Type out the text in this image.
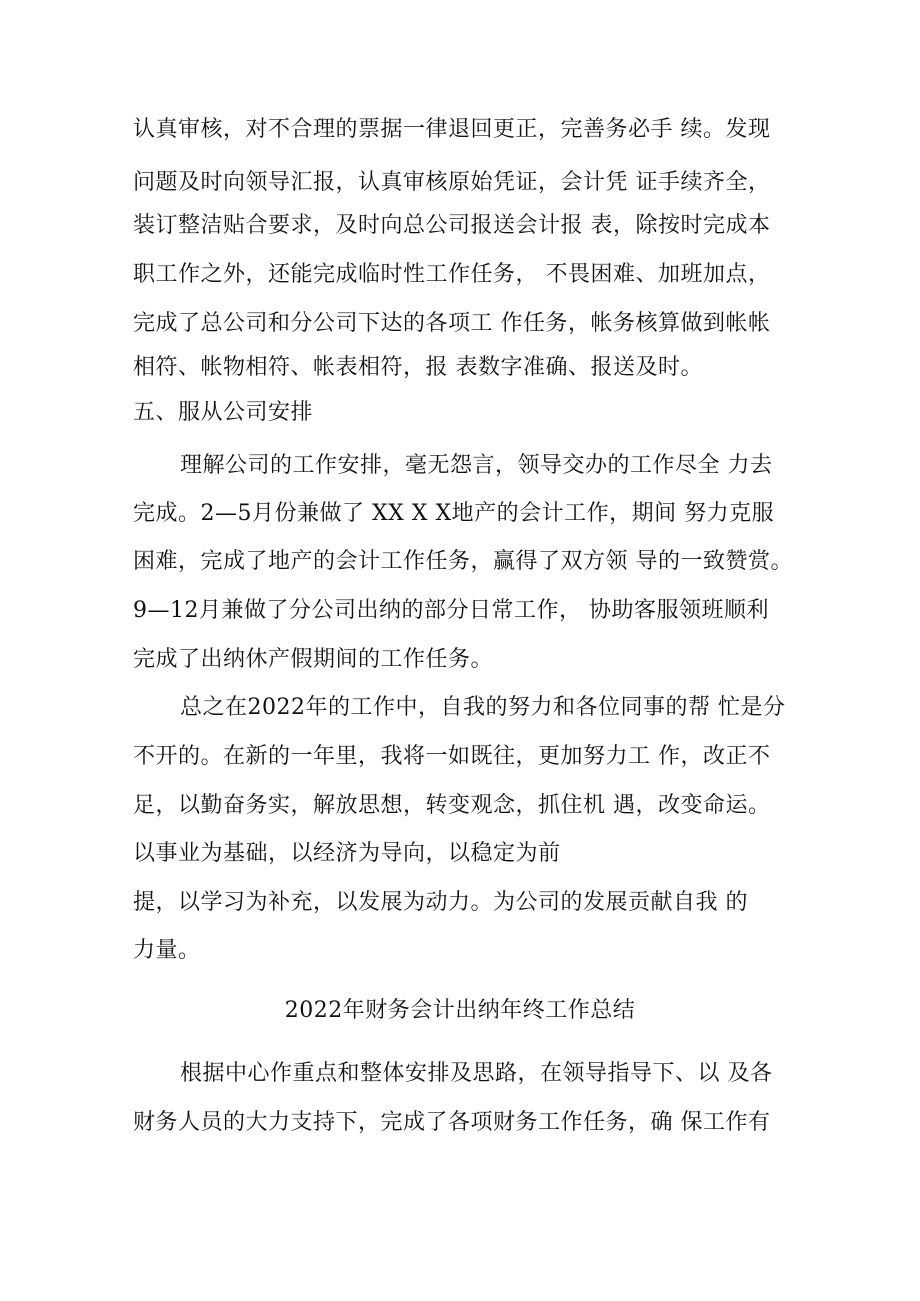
认真审核，对不合理的票据一律退回更正，完善务必手 续。发现
问题及时向领导汇报，认真审核原始凭证，会计凭 证手续齐全，
装订整洁贴合要求，及时向总公司报送会计报 表，除按时完成本
职工作之外，还能完成临时性工作任务， 不畏困难、加班加点，
完成了总公司和分公司下达的各项工 作任务，帐务核算做到帐帐
相符、帐物相符、帐表相符，报 表数字准确、报送及时。
五、服从公司安排
理解公司的工作安排，毫无怨言，领导交办的工作尽全 力去
完成。2—5月份兼做了 XX X X地产的会计工作，期间 努力克服
困难，完成了地产的会计工作任务，赢得了双方领 导的一致赞赏。
9—12月兼做了分公司出纳的部分日常工作， 协助客服领班顺利
完成了出纳休产假期间的工作任务。
总之在2022年的工作中，自我的努力和各位同事的帮 忙是分
不开的。在新的一年里，我将一如既往，更加努力工 作，改正不
足，以勤奋务实，解放思想，转变观念，抓住机 遇，改变命运。
以事业为基础，以经济为导向，以稳定为前
提，以学习为补充，以发展为动力。为公司的发展贡献自我 的
力量。
2022年财务会计出纳年终工作总结
根据中心作重点和整体安排及思路，在领导指导下、以 及各
财务人员的大力支持下，完成了各项财务工作任务，确 保工作有
